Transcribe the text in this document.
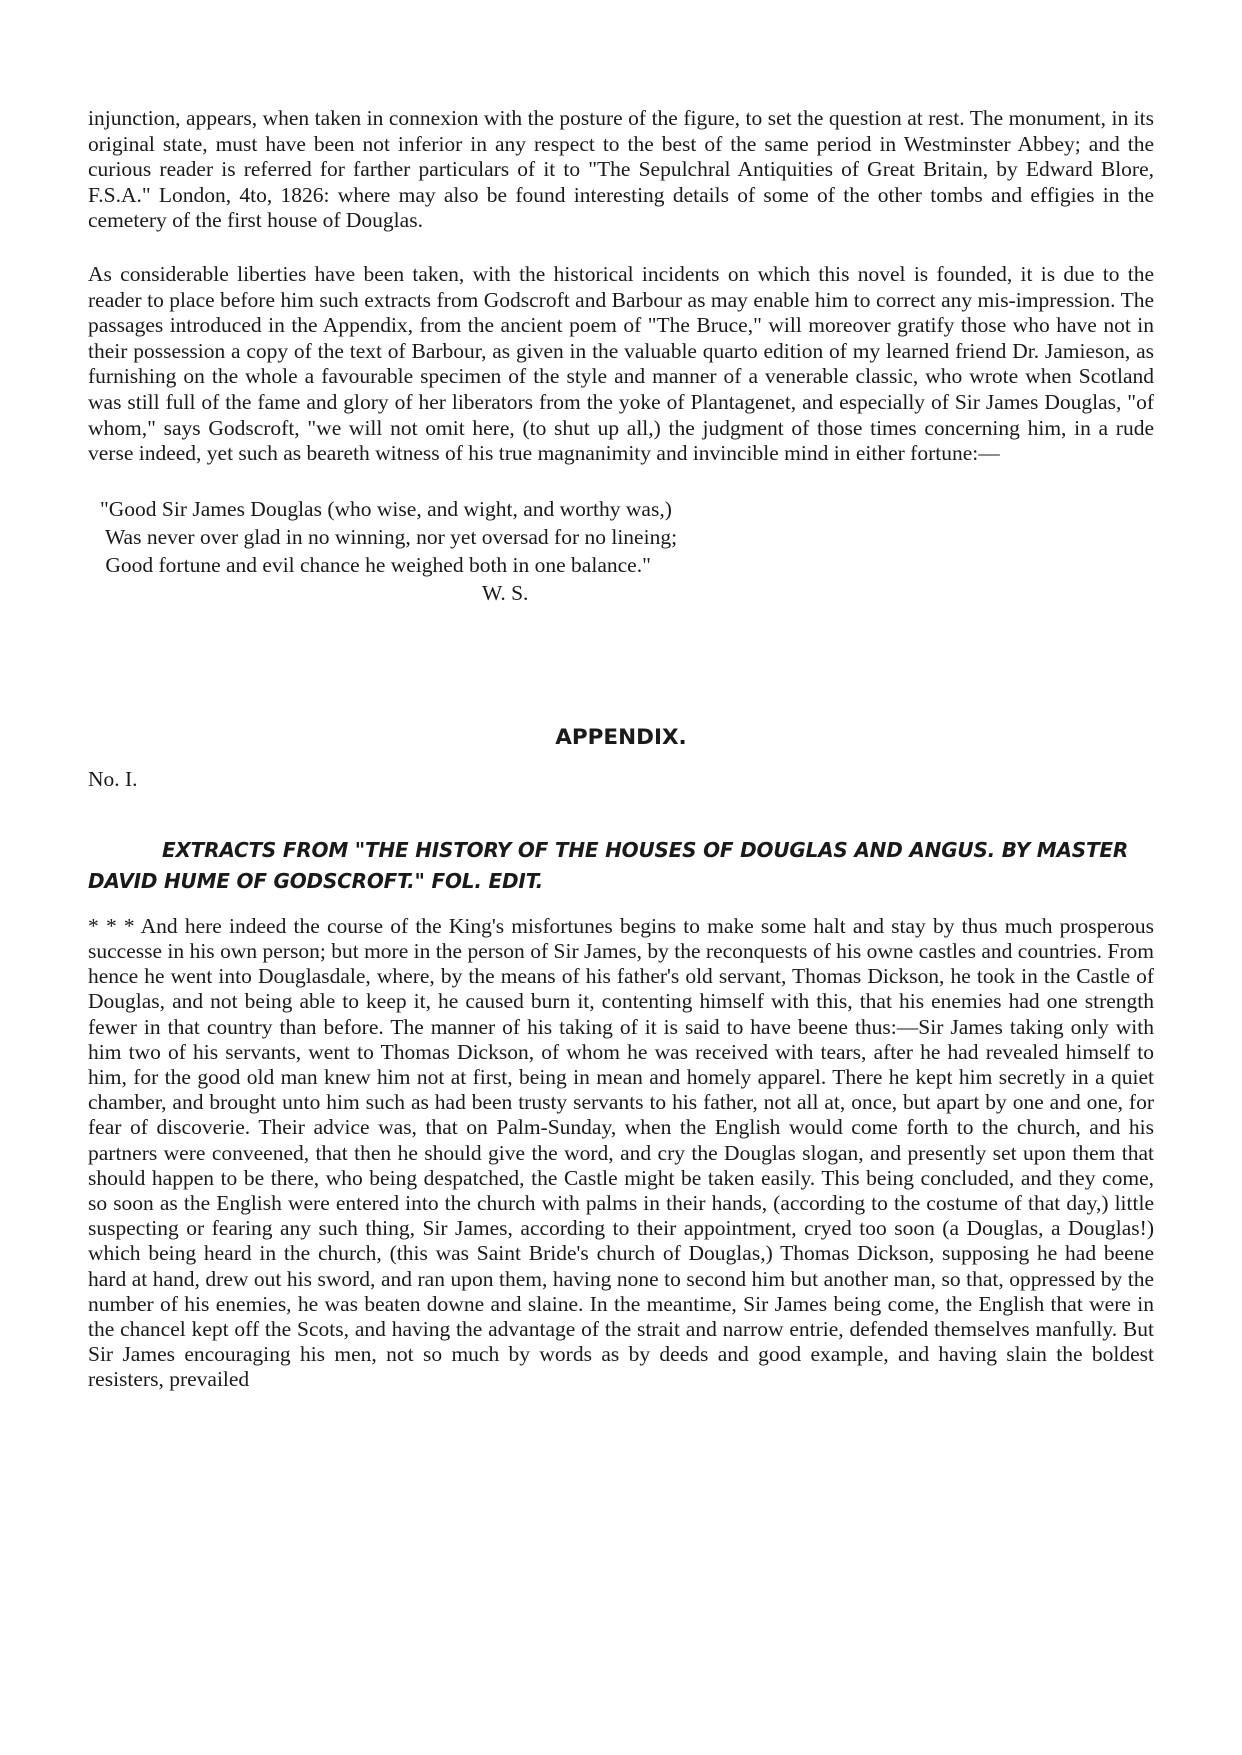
injunction, appears, when taken in connexion with the posture of the figure, to set the question at rest. The monument, in its original state, must have been not inferior in any respect to the best of the same period in Westminster Abbey; and the curious reader is referred for farther particulars of it to "The Sepulchral Antiquities of Great Britain, by Edward Blore, F.S.A." London, 4to, 1826: where may also be found interesting details of some of the other tombs and effigies in the cemetery of the first house of Douglas.

As considerable liberties have been taken, with the historical incidents on which this novel is founded, it is due to the reader to place before him such extracts from Godscroft and Barbour as may enable him to correct any mis-impression. The passages introduced in the Appendix, from the ancient poem of "The Bruce," will moreover gratify those who have not in their possession a copy of the text of Barbour, as given in the valuable quarto edition of my learned friend Dr. Jamieson, as furnishing on the whole a favourable specimen of the style and manner of a venerable classic, who wrote when Scotland was still full of the fame and glory of her liberators from the yoke of Plantagenet, and especially of Sir James Douglas, "of whom," says Godscroft, "we will not omit here, (to shut up all,) the judgment of those times concerning him, in a rude verse indeed, yet such as beareth witness of his true magnanimity and invincible mind in either fortune:—

"Good Sir James Douglas (who wise, and wight, and worthy was,)
Was never over glad in no winning, nor yet oversad for no lineing;
Good fortune and evil chance he weighed both in one balance."
W. S.
APPENDIX.

No. I.

EXTRACTS FROM "THE HISTORY OF THE HOUSES OF DOUGLAS AND ANGUS. BY MASTER DAVID HUME OF GODSCROFT." FOL. EDIT.

* * * And here indeed the course of the King's misfortunes begins to make some halt and stay by thus much prosperous successe in his own person; but more in the person of Sir James, by the reconquests of his owne castles and countries. From hence he went into Douglasdale, where, by the means of his father's old servant, Thomas Dickson, he took in the Castle of Douglas, and not being able to keep it, he caused burn it, contenting himself with this, that his enemies had one strength fewer in that country than before. The manner of his taking of it is said to have beene thus:—Sir James taking only with him two of his servants, went to Thomas Dickson, of whom he was received with tears, after he had revealed himself to him, for the good old man knew him not at first, being in mean and homely apparel. There he kept him secretly in a quiet chamber, and brought unto him such as had been trusty servants to his father, not all at, once, but apart by one and one, for fear of discoverie. Their advice was, that on Palm-Sunday, when the English would come forth to the church, and his partners were conveened, that then he should give the word, and cry the Douglas slogan, and presently set upon them that should happen to be there, who being despatched, the Castle might be taken easily. This being concluded, and they come, so soon as the English were entered into the church with palms in their hands, (according to the costume of that day,) little suspecting or fearing any such thing, Sir James, according to their appointment, cryed too soon (a Douglas, a Douglas!) which being heard in the church, (this was Saint Bride's church of Douglas,) Thomas Dickson, supposing he had beene hard at hand, drew out his sword, and ran upon them, having none to second him but another man, so that, oppressed by the number of his enemies, he was beaten downe and slaine. In the meantime, Sir James being come, the English that were in the chancel kept off the Scots, and having the advantage of the strait and narrow entrie, defended themselves manfully. But Sir James encouraging his men, not so much by words as by deeds and good example, and having slain the boldest resisters, prevailed
